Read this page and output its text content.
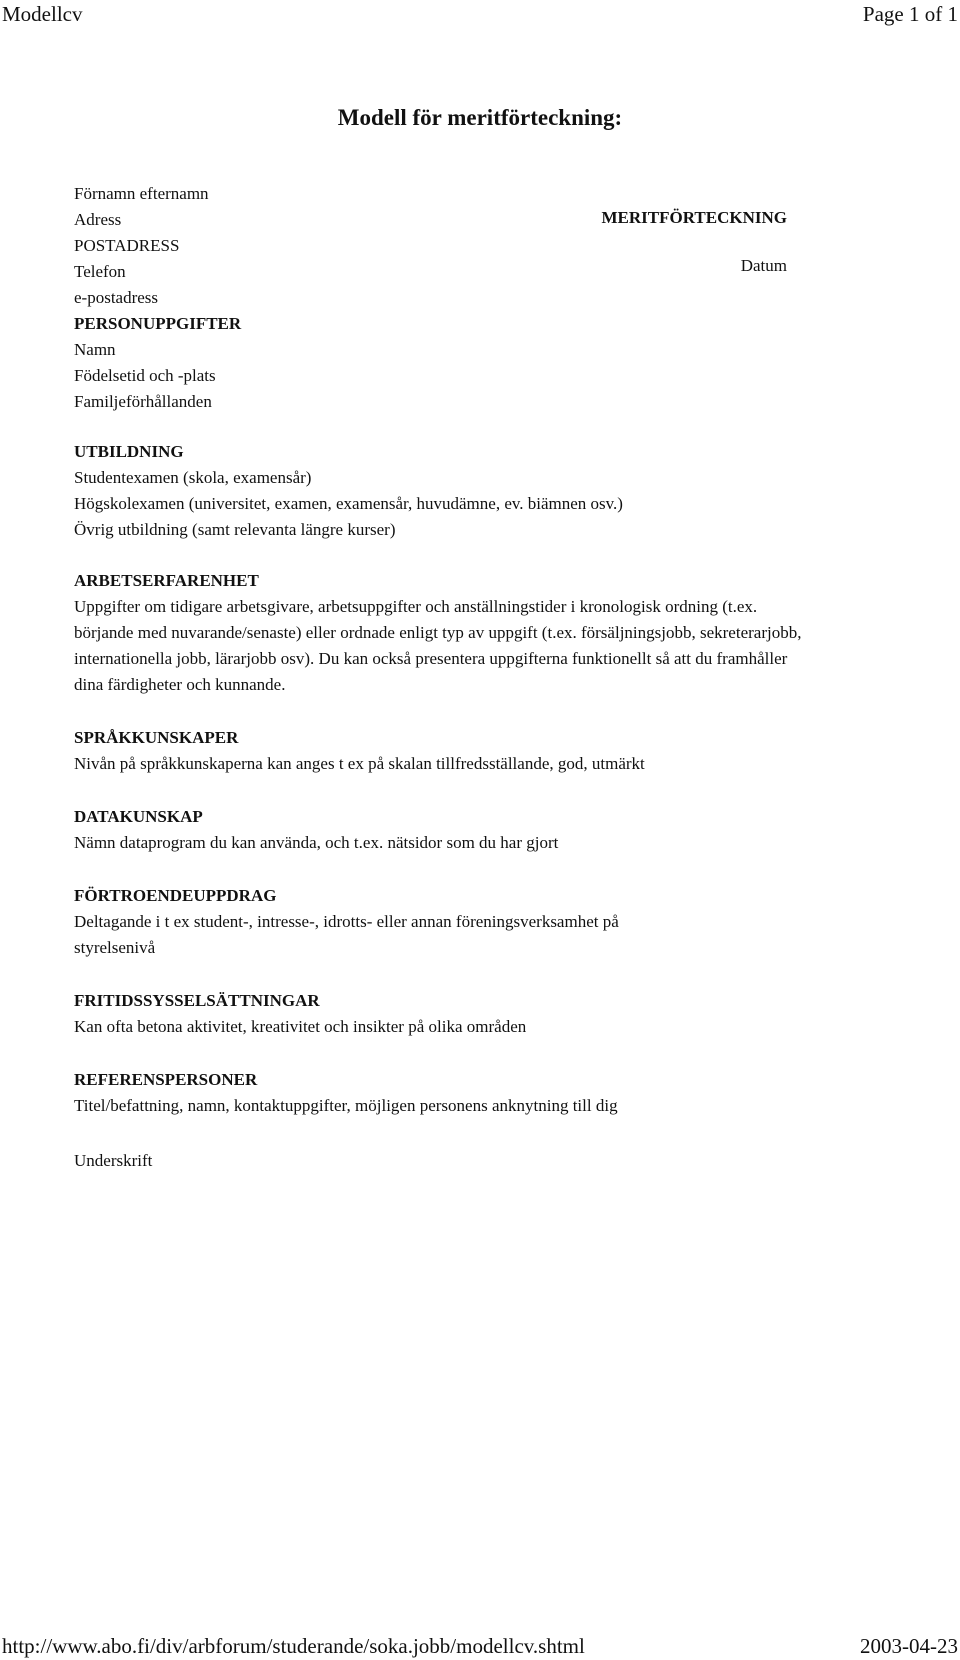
Modellcv	Page 1 of 1
Modell för meritförteckning:
MERITFÖRTECKNING
Datum
Förnamn efternamn
Adress
POSTADRESS
Telefon
e-postadress
PERSONUPPGIFTER
Namn
Födelsetid och -plats
Familjeförhållanden
UTBILDNING
Studentexamen (skola, examensår)
Högskolexamen (universitet, examen, examensår, huvudämne, ev. biämnen osv.)
Övrig utbildning (samt relevanta längre kurser)
ARBETSERFARENHET

Uppgifter om tidigare arbetsgivare, arbetsuppgifter och anställningstider i kronologisk ordning (t.ex. börjande med nuvarande/senaste) eller ordnade enligt typ av uppgift (t.ex. försäljningsjobb, sekreterarjobb, internationella jobb, lärarjobb osv). Du kan också presentera uppgifterna funktionellt så att du framhåller dina färdigheter och kunnande.

SPRÅKKUNSKAPER

Nivån på språkkunskaperna kan anges t ex på skalan tillfredsställande, god, utmärkt

DATAKUNSKAP

Nämn dataprogram du kan använda, och t.ex. nätsidor som du har gjort

FÖRTROENDEUPPDRAG

Deltagande i t ex student-, intresse-, idrotts- eller annan föreningsverksamhet på styrelsenivå

FRITIDSSYSSELSÄTTNINGAR

Kan ofta betona aktivitet, kreativitet och insikter på olika områden

REFERENSPERSONER

Titel/befattning, namn, kontaktuppgifter, möjligen personens anknytning till dig

Underskrift
http://www.abo.fi/div/arbforum/studerande/soka.jobb/modellcv.shtml	2003-04-23
